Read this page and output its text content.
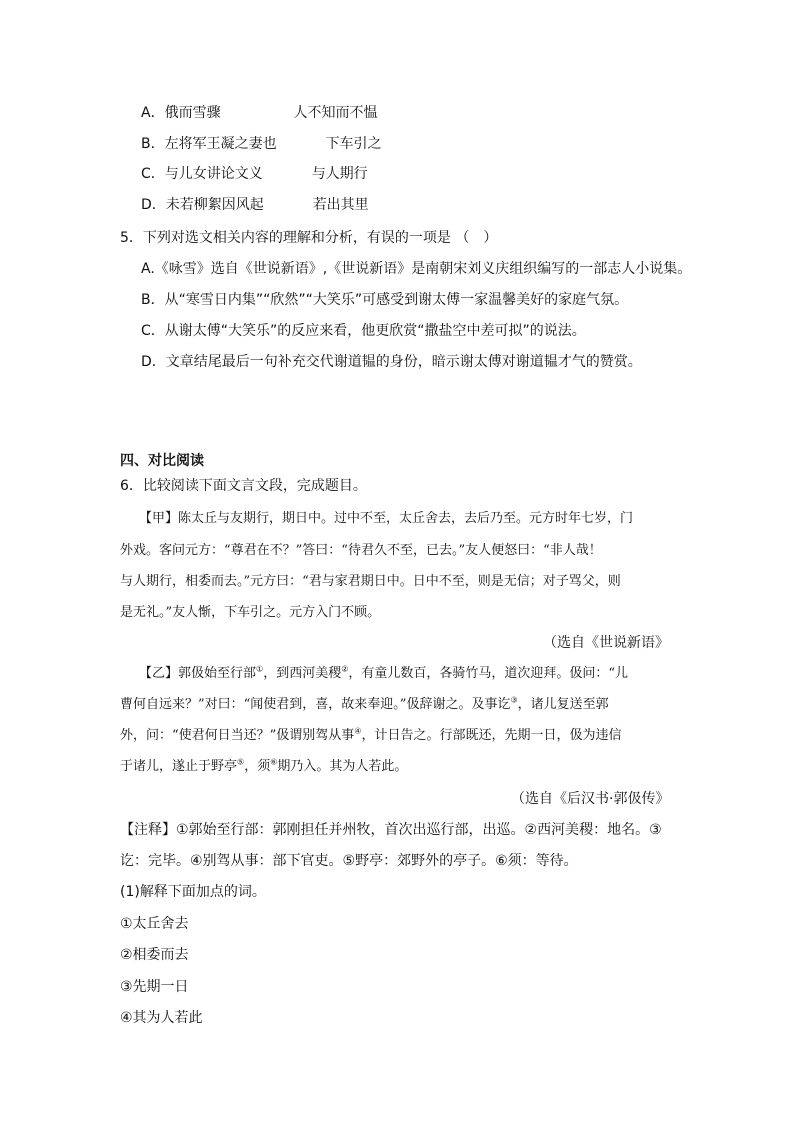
A．俄而雪骤	人不知而不愠
B．左将军王凝之妻也	下车引之
C．与儿女讲论文义	与人期行
D．未若柳絮因风起	若出其里
5．下列对选文相关内容的理解和分析，有误的一项是 （　）
A.《咏雪》选自《世说新语》,《世说新语》是南朝宋刘义庆组织编写的一部志人小说集。
B．从“寒雪日内集”“欣然”“大笑乐”可感受到谢太傅一家温馨美好的家庭气氛。
C．从谢太傅“大笑乐”的反应来看，他更欣赏“撒盐空中差可拟”的说法。
D．文章结尾最后一句补充交代谢道韫的身份，暗示谢太傅对谢道韫才气的赞赏。
四、对比阅读
6．比较阅读下面文言文段，完成题目。
【甲】陈太丘与友期行，期日中。过中不至，太丘舍去，去后乃至。元方时年七岁，门
外戏。客问元方：“尊君在不？”答曰：“待君久不至，已去。”友人便怒曰：“非人哉！
与人期行，相委而去。”元方曰：“君与家君期日中。日中不至，则是无信；对子骂父，则
是无礼。”友人惭，下车引之。元方入门不顾。
（选自《世说新语》
【乙】郭伋始至行部①，到西河美稷②，有童儿数百，各骑竹马，道次迎拜。伋问：“儿
曹何自远来？”对曰：“闻使君到，喜，故来奉迎。”伋辞谢之。及事讫③，诸儿复送至郭
外，问：“使君何日当还？”伋谓别驾从事④，计日告之。行部既还，先期一日，伋为违信
于诸儿，遂止于野亭⑤，须⑥期乃入。其为人若此。
（选自《后汉书·郭伋传》
【注释】①郭始至行部：郭刚担任并州牧，首次出巡行部，出巡。②西河美稷：地名。③
讫：完毕。④别驾从事：部下官吏。⑤野亭：郊野外的亭子。⑥须：等待。
(1)解释下面加点的词。
①太丘舍去
②相委而去
③先期一日
④其为人若此
